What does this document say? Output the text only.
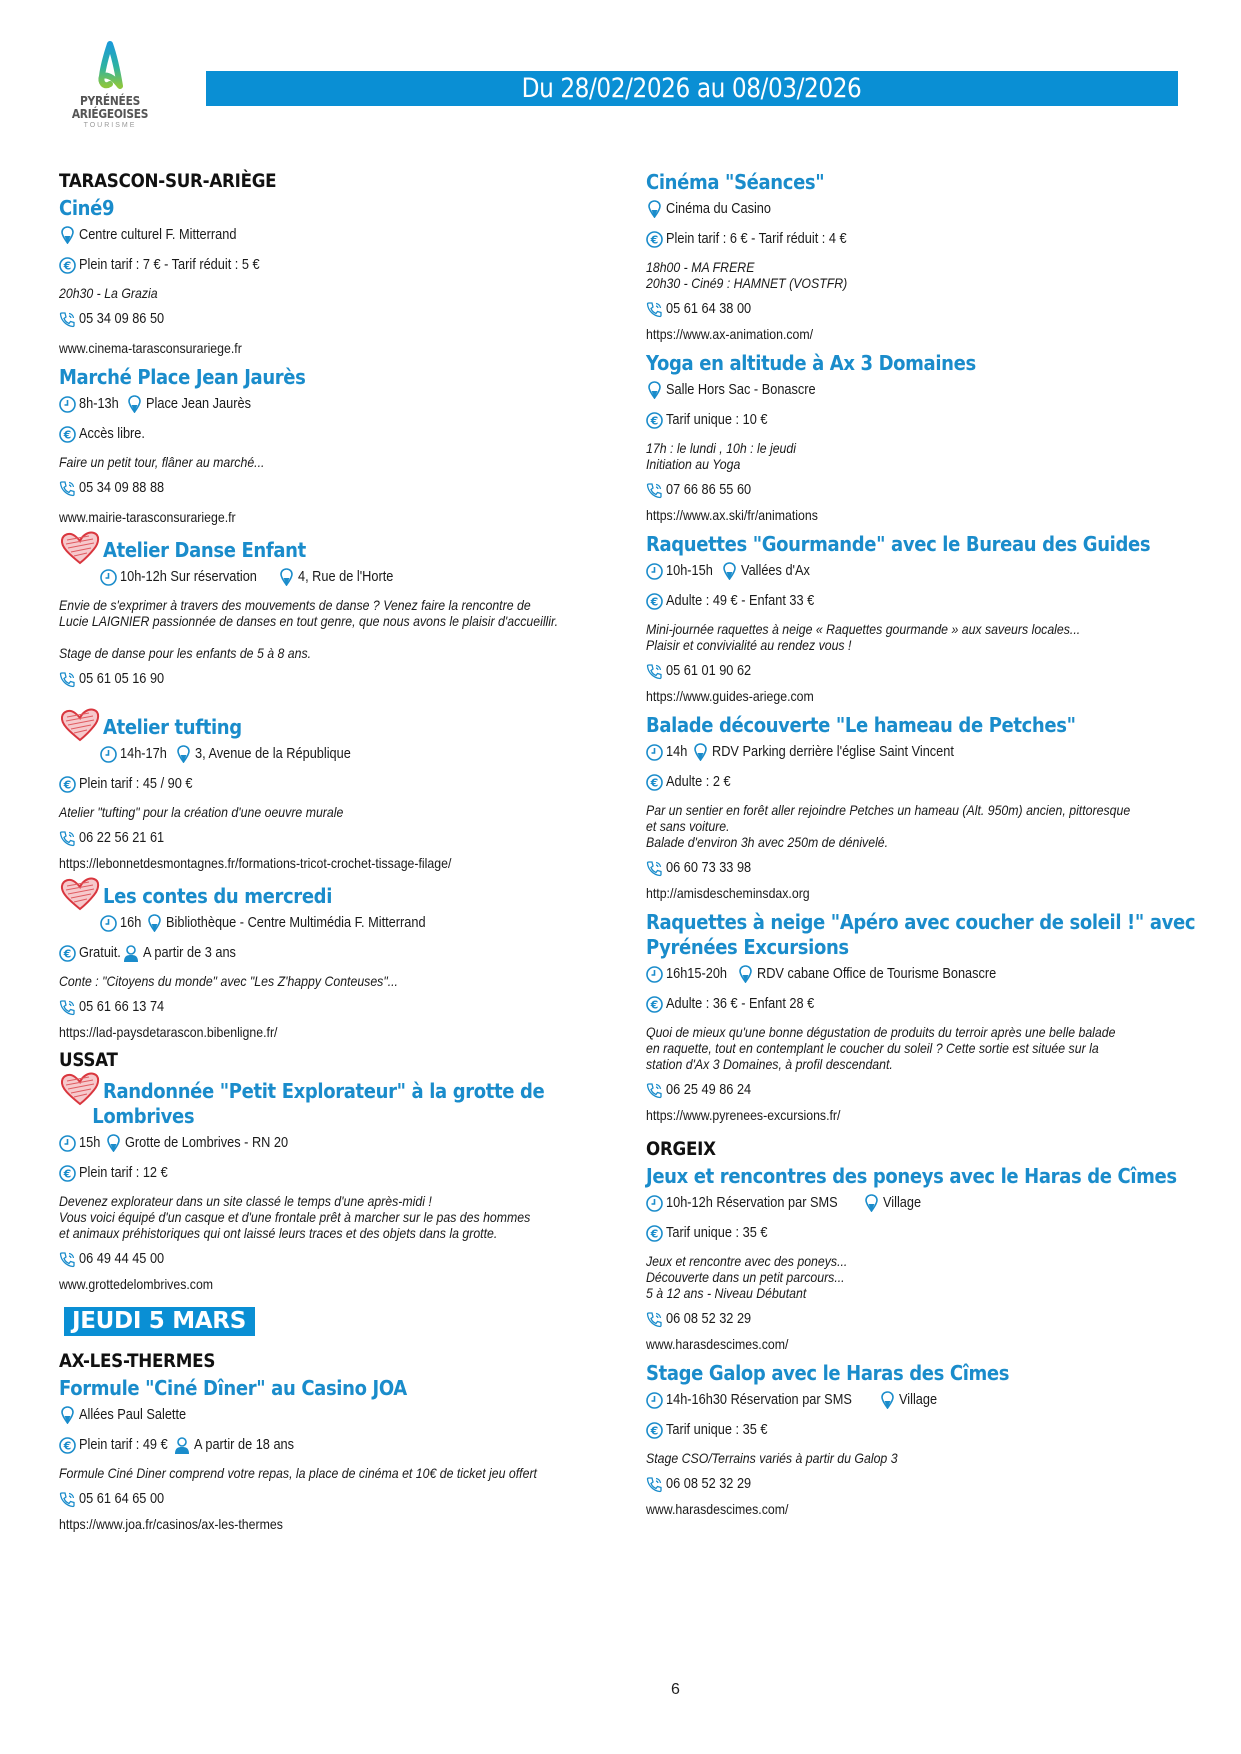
PYRÉNÉES
ARIÉGEOISES
TOURISME
Du 28/02/2026 au 08/03/2026
TARASCON-SUR-ARIÈGE
Ciné9
Centre culturel F. Mitterrand
€ Plein tarif : 7 € - Tarif réduit : 5 €

20h30 - La Grazia

05 34 09 86 50
www.cinema-tarasconsurariege.fr
Marché Place Jean Jaurès
8h-13h Place Jean Jaurès
€ Accès libre.

Faire un petit tour, flâner au marché...

05 34 09 88 88
www.mairie-tarasconsurariege.fr
Atelier Danse Enfant
10h-12h Sur réservation	4, Rue de l'Horte

Envie de s'exprimer à travers des mouvements de danse ? Venez faire la rencontre de

Lucie LAIGNIER passionnée de danses en tout genre, que nous avons le plaisir d'accueillir.

Stage de danse pour les enfants de 5 à 8 ans.

05 61 05 16 90
Atelier tufting
14h-17h 3, Avenue de la République
€ Plein tarif : 45 / 90 €

Atelier "tufting" pour la création d'une oeuvre murale

06 22 56 21 61
https://lebonnetdesmontagnes.fr/formations-tricot-crochet-tissage-filage/
Les contes du mercredi
16h Bibliothèque - Centre Multimédia F. Mitterrand
€ Gratuit. A partir de 3 ans

Conte : "Citoyens du monde" avec "Les Z'happy Conteuses"...

05 61 66 13 74
https://lad-paysdetarascon.bibenligne.fr/
USSAT
Randonnée "Petit Explorateur" à la grotte de
Lombrives
15h Grotte de Lombrives - RN 20
€ Plein tarif : 12 €

Devenez explorateur dans un site classé le temps d'une après-midi !

Vous voici équipé d'un casque et d'une frontale prêt à marcher sur le pas des hommes

et animaux préhistoriques qui ont laissé leurs traces et des objets dans la grotte.

06 49 44 45 00
www.grottedelombrives.com
JEUDI 5 MARS
AX-LES-THERMES
Formule "Ciné Dîner" au Casino JOA
Allées Paul Salette
€ Plein tarif : 49 € A partir de 18 ans

Formule Ciné Diner comprend votre repas, la place de cinéma et 10€ de ticket jeu offert

05 61 64 65 00
https://www.joa.fr/casinos/ax-les-thermes
Cinéma "Séances"
Cinéma du Casino
€ Plein tarif : 6 € - Tarif réduit : 4 €

18h00 - MA FRERE

20h30 - Ciné9 : HAMNET (VOSTFR)

05 61 64 38 00
https://www.ax-animation.com/
Yoga en altitude à Ax 3 Domaines
Salle Hors Sac - Bonascre
€ Tarif unique : 10 €

17h : le lundi , 10h : le jeudi

Initiation au Yoga

07 66 86 55 60
https://www.ax.ski/fr/animations
Raquettes "Gourmande" avec le Bureau des Guides
10h-15h Vallées d'Ax
€ Adulte : 49 € - Enfant 33 €

Mini-journée raquettes à neige « Raquettes gourmande » aux saveurs locales...

Plaisir et convivialité au rendez vous !

05 61 01 90 62
https://www.guides-ariege.com
Balade découverte "Le hameau de Petches"
14h RDV Parking derrière l'église Saint Vincent
€ Adulte : 2 €

Par un sentier en forêt aller rejoindre Petches un hameau (Alt. 950m) ancien, pittoresque

et sans voiture.

Balade d'environ 3h avec 250m de dénivelé.

06 60 73 33 98
http://amisdescheminsdax.org
Raquettes à neige "Apéro avec coucher de soleil !" avec
Pyrénées Excursions
16h15-20h RDV cabane Office de Tourisme Bonascre
€ Adulte : 36 € - Enfant 28 €

Quoi de mieux qu'une bonne dégustation de produits du terroir après une belle balade

en raquette, tout en contemplant le coucher du soleil ? Cette sortie est située sur la

station d'Ax 3 Domaines, à profil descendant.

06 25 49 86 24
https://www.pyrenees-excursions.fr/
ORGEIX
Jeux et rencontres des poneys avec le Haras de Cîmes
10h-12h Réservation par SMS	Village
€ Tarif unique : 35 €

Jeux et rencontre avec des poneys...

Découverte dans un petit parcours...

5 à 12 ans - Niveau Débutant

06 08 52 32 29
www.harasdescimes.com/
Stage Galop avec le Haras des Cîmes
14h-16h30 Réservation par SMS	Village
€ Tarif unique : 35 €

Stage CSO/Terrains variés à partir du Galop 3

06 08 52 32 29
www.harasdescimes.com/
6
